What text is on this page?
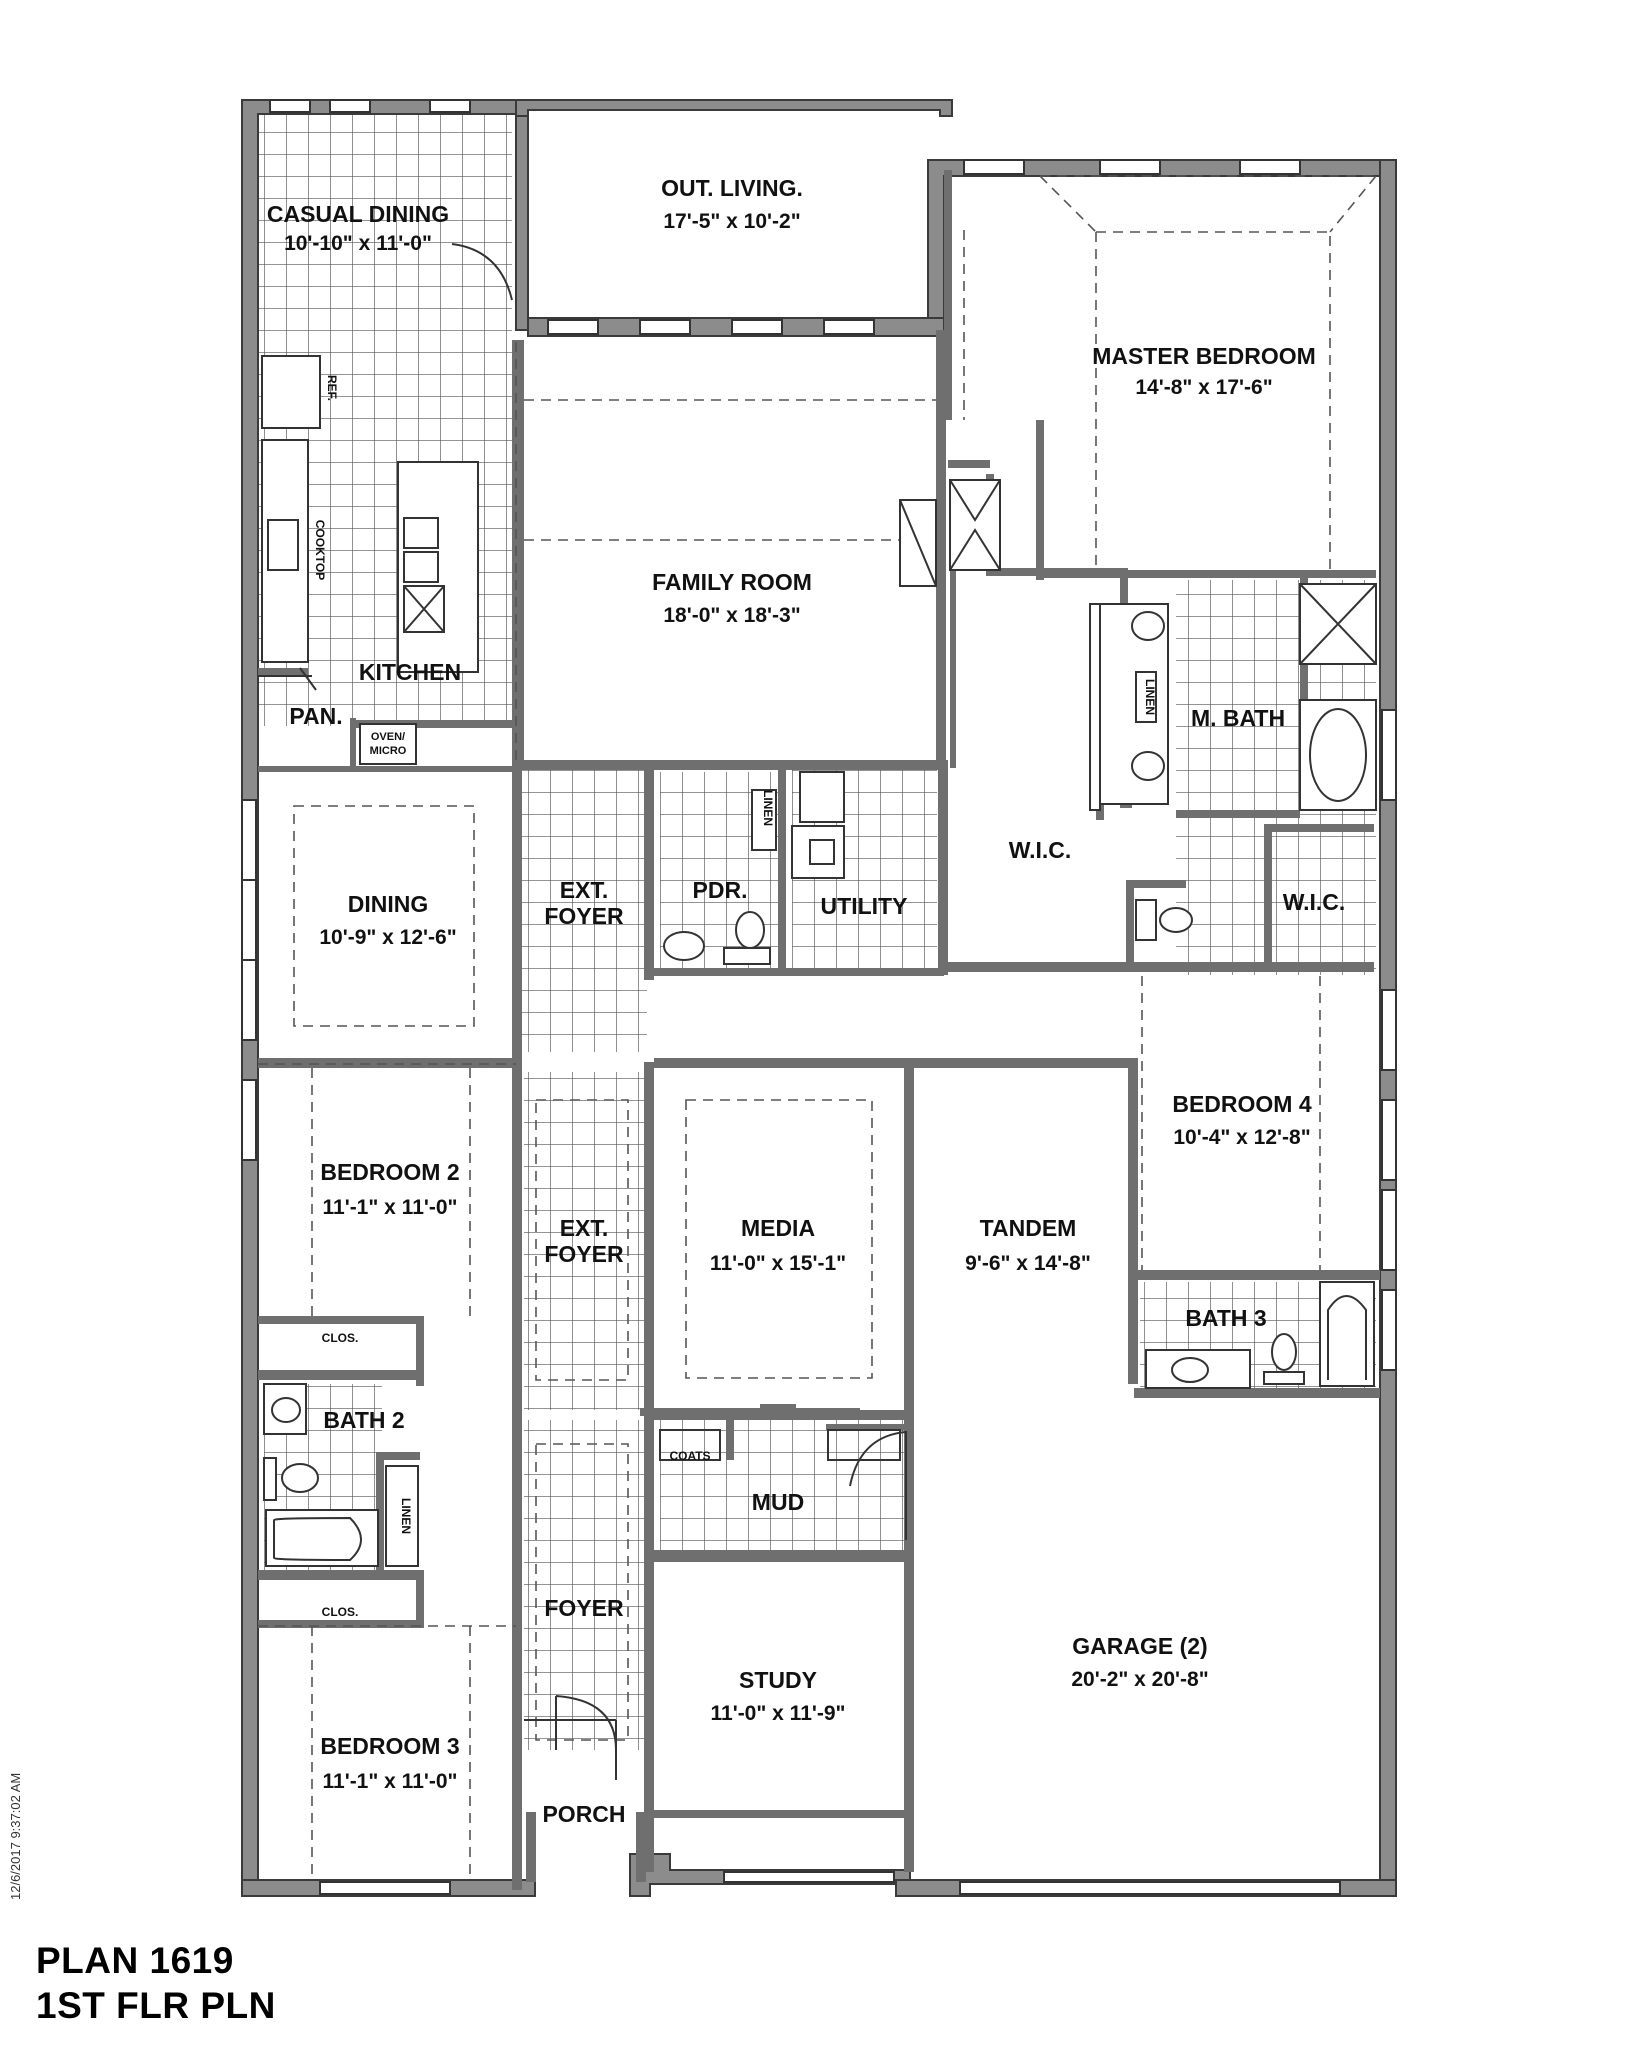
CASUAL DINING
10'-10" x 11'-0"
OUT. LIVING.
17'-5" x 10'-2"
MASTER BEDROOM
14'-8" x 17'-6"
FAMILY ROOM
18'-0" x 18'-3"
KITCHEN
PAN.
OVEN/
MICRO
REF.
COOKTOP
M. BATH
LINEN
W.I.C.
W.I.C.
DINING
10'-9" x 12'-6"
EXT.
FOYER
PDR.
LINEN
UTILITY
BEDROOM 4
10'-4" x 12'-8"
BEDROOM 2
11'-1" x 11'-0"
EXT.
FOYER
MEDIA
11'-0" x 15'-1"
TANDEM
9'-6" x 14'-8"
BATH 3
CLOS.
BATH 2
LINEN
COATS
MUD
CLOS.	FOYER
STUDY
11'-0" x 11'-9"
GARAGE (2)
20'-2" x 20'-8"
BEDROOM 3
11'-1" x 11'-0"
PORCH
PLAN 1619
1ST FLR PLN
12/6/2017 9:37:02 AM
